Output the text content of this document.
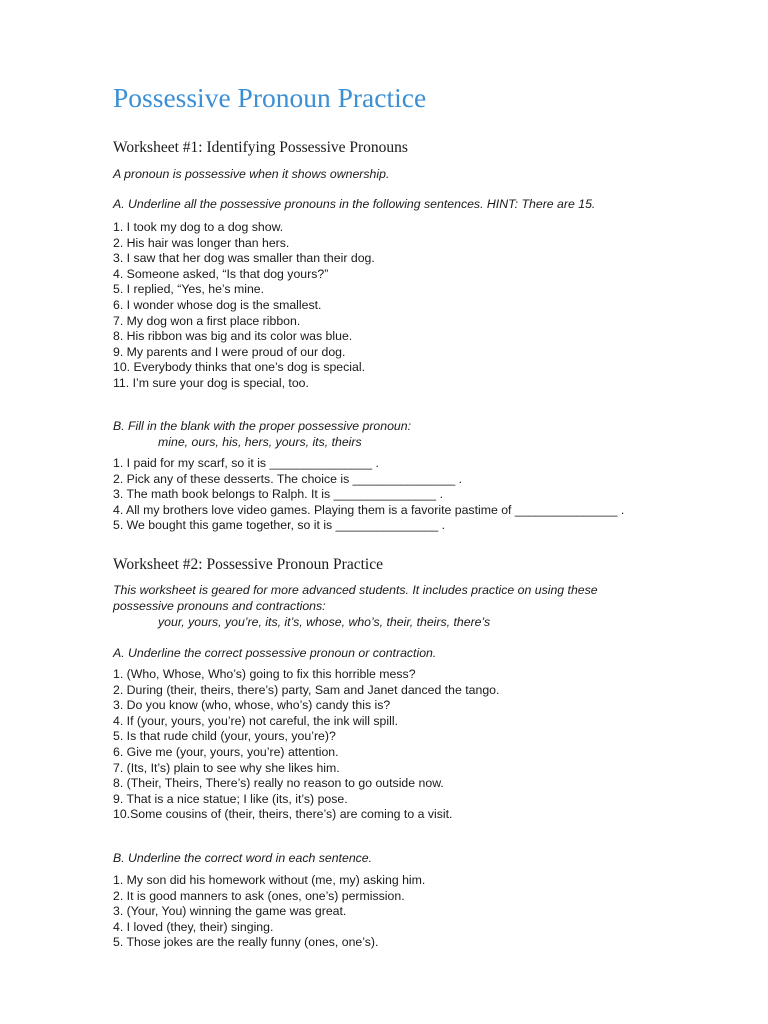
Possessive Pronoun Practice
Worksheet #1: Identifying Possessive Pronouns

A pronoun is possessive when it shows ownership.

A. Underline all the possessive pronouns in the following sentences. HINT: There are 15.

1. I took my dog to a dog show.
2. His hair was longer than hers.
3. I saw that her dog was smaller than their dog.
4. Someone asked, “Is that dog yours?”
5. I replied, “Yes, he’s mine.
6. I wonder whose dog is the smallest.
7. My dog won a first place ribbon.
8. His ribbon was big and its color was blue.
9. My parents and I were proud of our dog.
10. Everybody thinks that one’s dog is special.
11. I’m sure your dog is special, too.

B. Fill in the blank with the proper possessive pronoun:

mine, ours, his, hers, yours, its, theirs

1. I paid for my scarf, so it is _______________ .
2. Pick any of these desserts. The choice is _______________ .
3. The math book belongs to Ralph. It is _______________ .
4. All my brothers love video games. Playing them is a favorite pastime of _______________ .
5. We bought this game together, so it is _______________ .
Worksheet #2: Possessive Pronoun Practice

This worksheet is geared for more advanced students. It includes practice on using these

possessive pronouns and contractions:

your, yours, you’re, its, it’s, whose, who’s, their, theirs, there’s

A. Underline the correct possessive pronoun or contraction.

1. (Who, Whose, Who’s) going to fix this horrible mess?
2. During (their, theirs, there’s) party, Sam and Janet danced the tango.
3. Do you know (who, whose, who’s) candy this is?
4. If (your, yours, you’re) not careful, the ink will spill.
5. Is that rude child (your, yours, you’re)?
6. Give me (your, yours, you’re) attention.
7. (Its, It’s) plain to see why she likes him.
8. (Their, Theirs, There’s) really no reason to go outside now.
9. That is a nice statue; I like (its, it’s) pose.
10.Some cousins of (their, theirs, there’s) are coming to a visit.

B. Underline the correct word in each sentence.

1. My son did his homework without (me, my) asking him.
2. It is good manners to ask (ones, one’s) permission.
3. (Your, You) winning the game was great.
4. I loved (they, their) singing.
5. Those jokes are the really funny (ones, one’s).
